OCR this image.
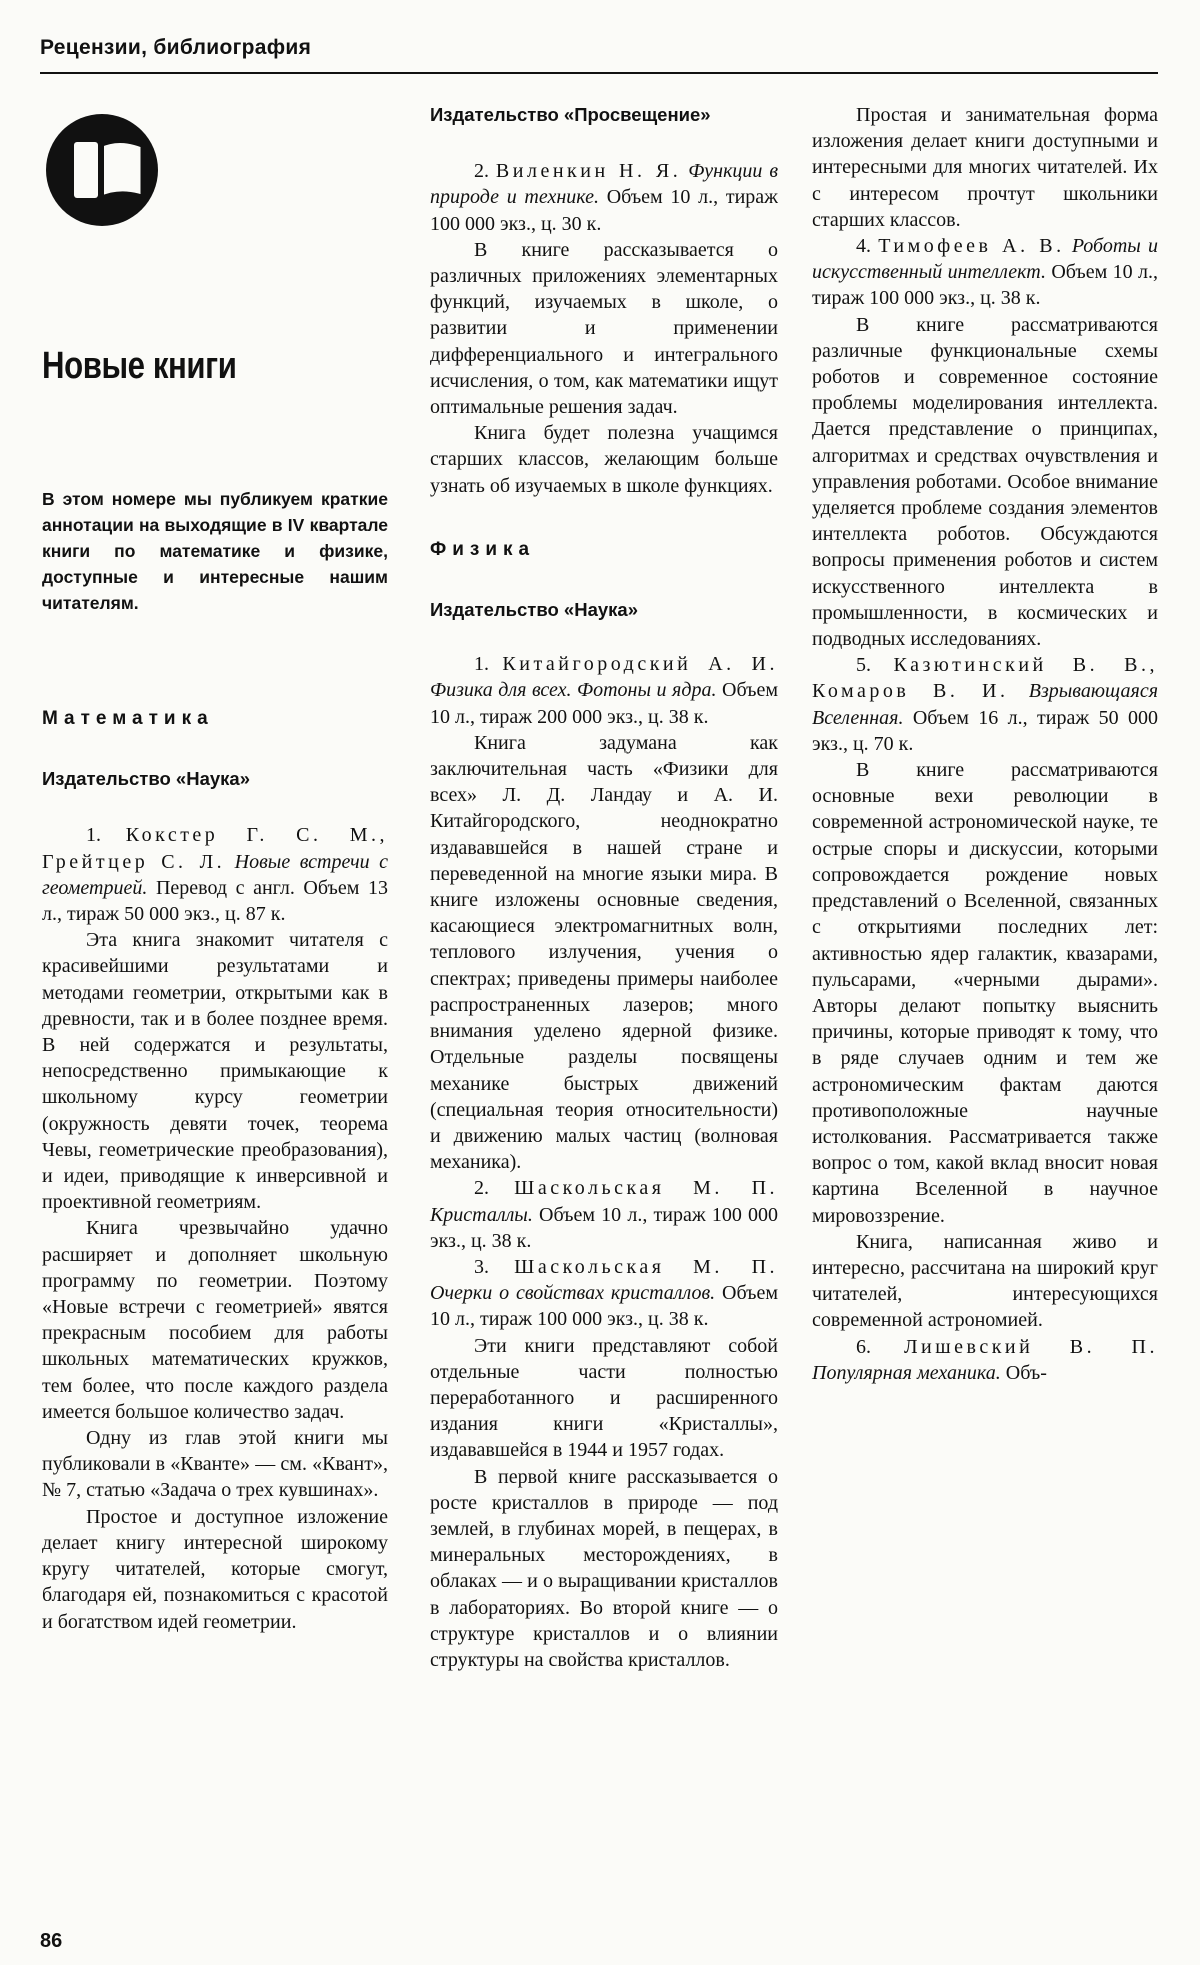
Рецензии, библиография
Новые книги
В этом номере мы публикуем краткие аннотации на выходящие в IV квартале книги по математике и физике, доступные и интересные нашим читателям.

Математика

Издательство «Наука»

1. Кокстер Г. С. М., Грейтцер С. Л. Новые встречи с геометрией. Перевод с англ. Объем 13 л., тираж 50 000 экз., ц. 87 к.

Эта книга знакомит читателя с красивейшими результатами и методами геометрии, открытыми как в древности, так и в более позднее время. В ней содержатся и результаты, непосредственно примыкающие к школьному курсу геометрии (окружность девяти точек, теорема Чевы, геометрические преобразования), и идеи, приводящие к инверсивной и проективной геометриям.

Книга чрезвычайно удачно расширяет и дополняет школьную программу по геометрии. Поэтому «Новые встречи с геометрией» явятся прекрасным пособием для работы школьных математических кружков, тем более, что после каждого раздела имеется большое количество задач.

Одну из глав этой книги мы публиковали в «Кванте» — см. «Квант», № 7, статью «Задача о трех кувшинах».

Простое и доступное изложение делает книгу интересной широкому кругу читателей, которые смогут, благодаря ей, познакомиться с красотой и богатством идей геометрии.

Издательство «Просвещение»

2. Виленкин Н. Я. Функции в природе и технике. Объем 10 л., тираж 100 000 экз., ц. 30 к.

В книге рассказывается о различных приложениях элементарных функций, изучаемых в школе, о развитии и применении дифференциального и интегрального исчисления, о том, как математики ищут оптимальные решения задач.

Книга будет полезна учащимся старших классов, желающим больше узнать об изучаемых в школе функциях.

Физика

Издательство «Наука»

1. Китайгородский А. И. Физика для всех. Фотоны и ядра. Объем 10 л., тираж 200 000 экз., ц. 38 к.

Книга задумана как заключительная часть «Физики для всех» Л. Д. Ландау и А. И. Китайгородского, неоднократно издававшейся в нашей стране и переведенной на многие языки мира. В книге изложены основные сведения, касающиеся электромагнитных волн, теплового излучения, учения о спектрах; приведены примеры наиболее распространенных лазеров; много внимания уделено ядерной физике. Отдельные разделы посвящены механике быстрых движений (специальная теория относительности) и движению малых частиц (волновая механика).

2. Шаскольская М. П. Кристаллы. Объем 10 л., тираж 100 000 экз., ц. 38 к.

3. Шаскольская М. П. Очерки о свойствах кристаллов. Объем 10 л., тираж 100 000 экз., ц. 38 к.

Эти книги представляют собой отдельные части полностью переработанного и расширенного издания книги «Кристаллы», издававшейся в 1944 и 1957 годах.

В первой книге рассказывается о росте кристаллов в природе — под землей, в глубинах морей, в пещерах, в минеральных месторождениях, в облаках — и о выращивании кристаллов в лабораториях. Во второй книге — о структуре кристаллов и о влиянии структуры на свойства кристаллов.

Простая и занимательная форма изложения делает книги доступными и интересными для многих читателей. Их с интересом прочтут школьники старших классов.

4. Тимофеев А. В. Роботы и искусственный интеллект. Объем 10 л., тираж 100 000 экз., ц. 38 к.

В книге рассматриваются различные функциональные схемы роботов и современное состояние проблемы моделирования интеллекта. Дается представление о принципах, алгоритмах и средствах очувствления и управления роботами. Особое внимание уделяется проблеме создания элементов интеллекта роботов. Обсуждаются вопросы применения роботов и систем искусственного интеллекта в промышленности, в космических и подводных исследованиях.

5. Казютинский В. В., Комаров В. И. Взрывающаяся Вселенная. Объем 16 л., тираж 50 000 экз., ц. 70 к.

В книге рассматриваются основные вехи революции в современной астрономической науке, те острые споры и дискуссии, которыми сопровождается рождение новых представлений о Вселенной, связанных с открытиями последних лет: активностью ядер галактик, квазарами, пульсарами, «черными дырами». Авторы делают попытку выяснить причины, которые приводят к тому, что в ряде случаев одним и тем же астрономическим фактам даются противоположные научные истолкования. Рассматривается также вопрос о том, какой вклад вносит новая картина Вселенной в научное мировоззрение.

Книга, написанная живо и интересно, рассчитана на широкий круг читателей, интересующихся современной астрономией.

6. Лишевский В. П. Популярная механика. Объ-

86
